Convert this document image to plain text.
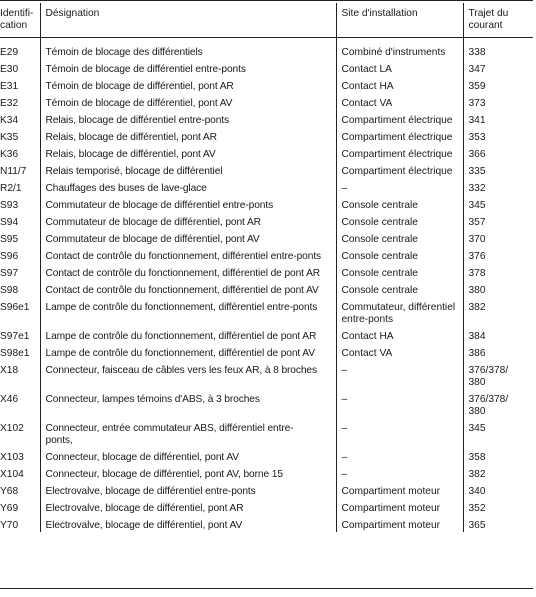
Identifi-
cation	Désignation	Site d'installation	Trajet du
courant
E29	Témoin de blocage des différentiels	Combiné d'instruments	338
E30	Témoin de blocage de différentiel entre-ponts	Contact LA	347
E31	Témoin de blocage de différentiel, pont AR	Contact HA	359
E32	Témoin de blocage de différentiel, pont AV	Contact VA	373
K34	Relais, blocage de différentiel entre-ponts	Compartiment électrique	341
K35	Relais, blocage de différentiel, pont AR	Compartiment électrique	353
K36	Relais, blocage de différentiel, pont AV	Compartiment électrique	366
N11/7	Relais temporisé, blocage de différentiel	Compartiment électrique	335
R2/1	Chauffages des buses de lave-glace	–	332
S93	Commutateur de blocage de différentiel entre-ponts	Console centrale	345
S94	Commutateur de blocage de différentiel, pont AR	Console centrale	357
S95	Commutateur de blocage de différentiel, pont AV	Console centrale	370
S96	Contact de contrôle du fonctionnement, différentiel entre-ponts	Console centrale	376
S97	Contact de contrôle du fonctionnement, différentiel de pont AR	Console centrale	378
S98	Contact de contrôle du fonctionnement, différentiel de pont AV	Console centrale	380
S96e1	Lampe de contrôle du fonctionnement, différentiel entre-ponts	Commutateur, différentiel entre-ponts	382
S97e1	Lampe de contrôle du fonctionnement, différentiel de pont AR	Contact HA	384
S98e1	Lampe de contrôle du fonctionnement, différentiel de pont AV	Contact VA	386
X18	Connecteur, faisceau de câbles vers les feux AR, à 8 broches	–	376/378/
380
X46	Connecteur, lampes témoins d'ABS, à 3 broches	–	376/378/
380
X102	Connecteur, entrée commutateur ABS, différentiel entre-
ponts,	–	345
X103	Connecteur, blocage de différentiel, pont AV	–	358
X104	Connecteur, blocage de différentiel, pont AV, borne 15	–	382
Y68	Electrovalve, blocage de différentiel entre-ponts	Compartiment moteur	340
Y69	Electrovalve, blocage de différentiel, pont AR	Compartiment moteur	352
Y70	Electrovalve, blocage de différentiel, pont AV	Compartiment moteur	365
